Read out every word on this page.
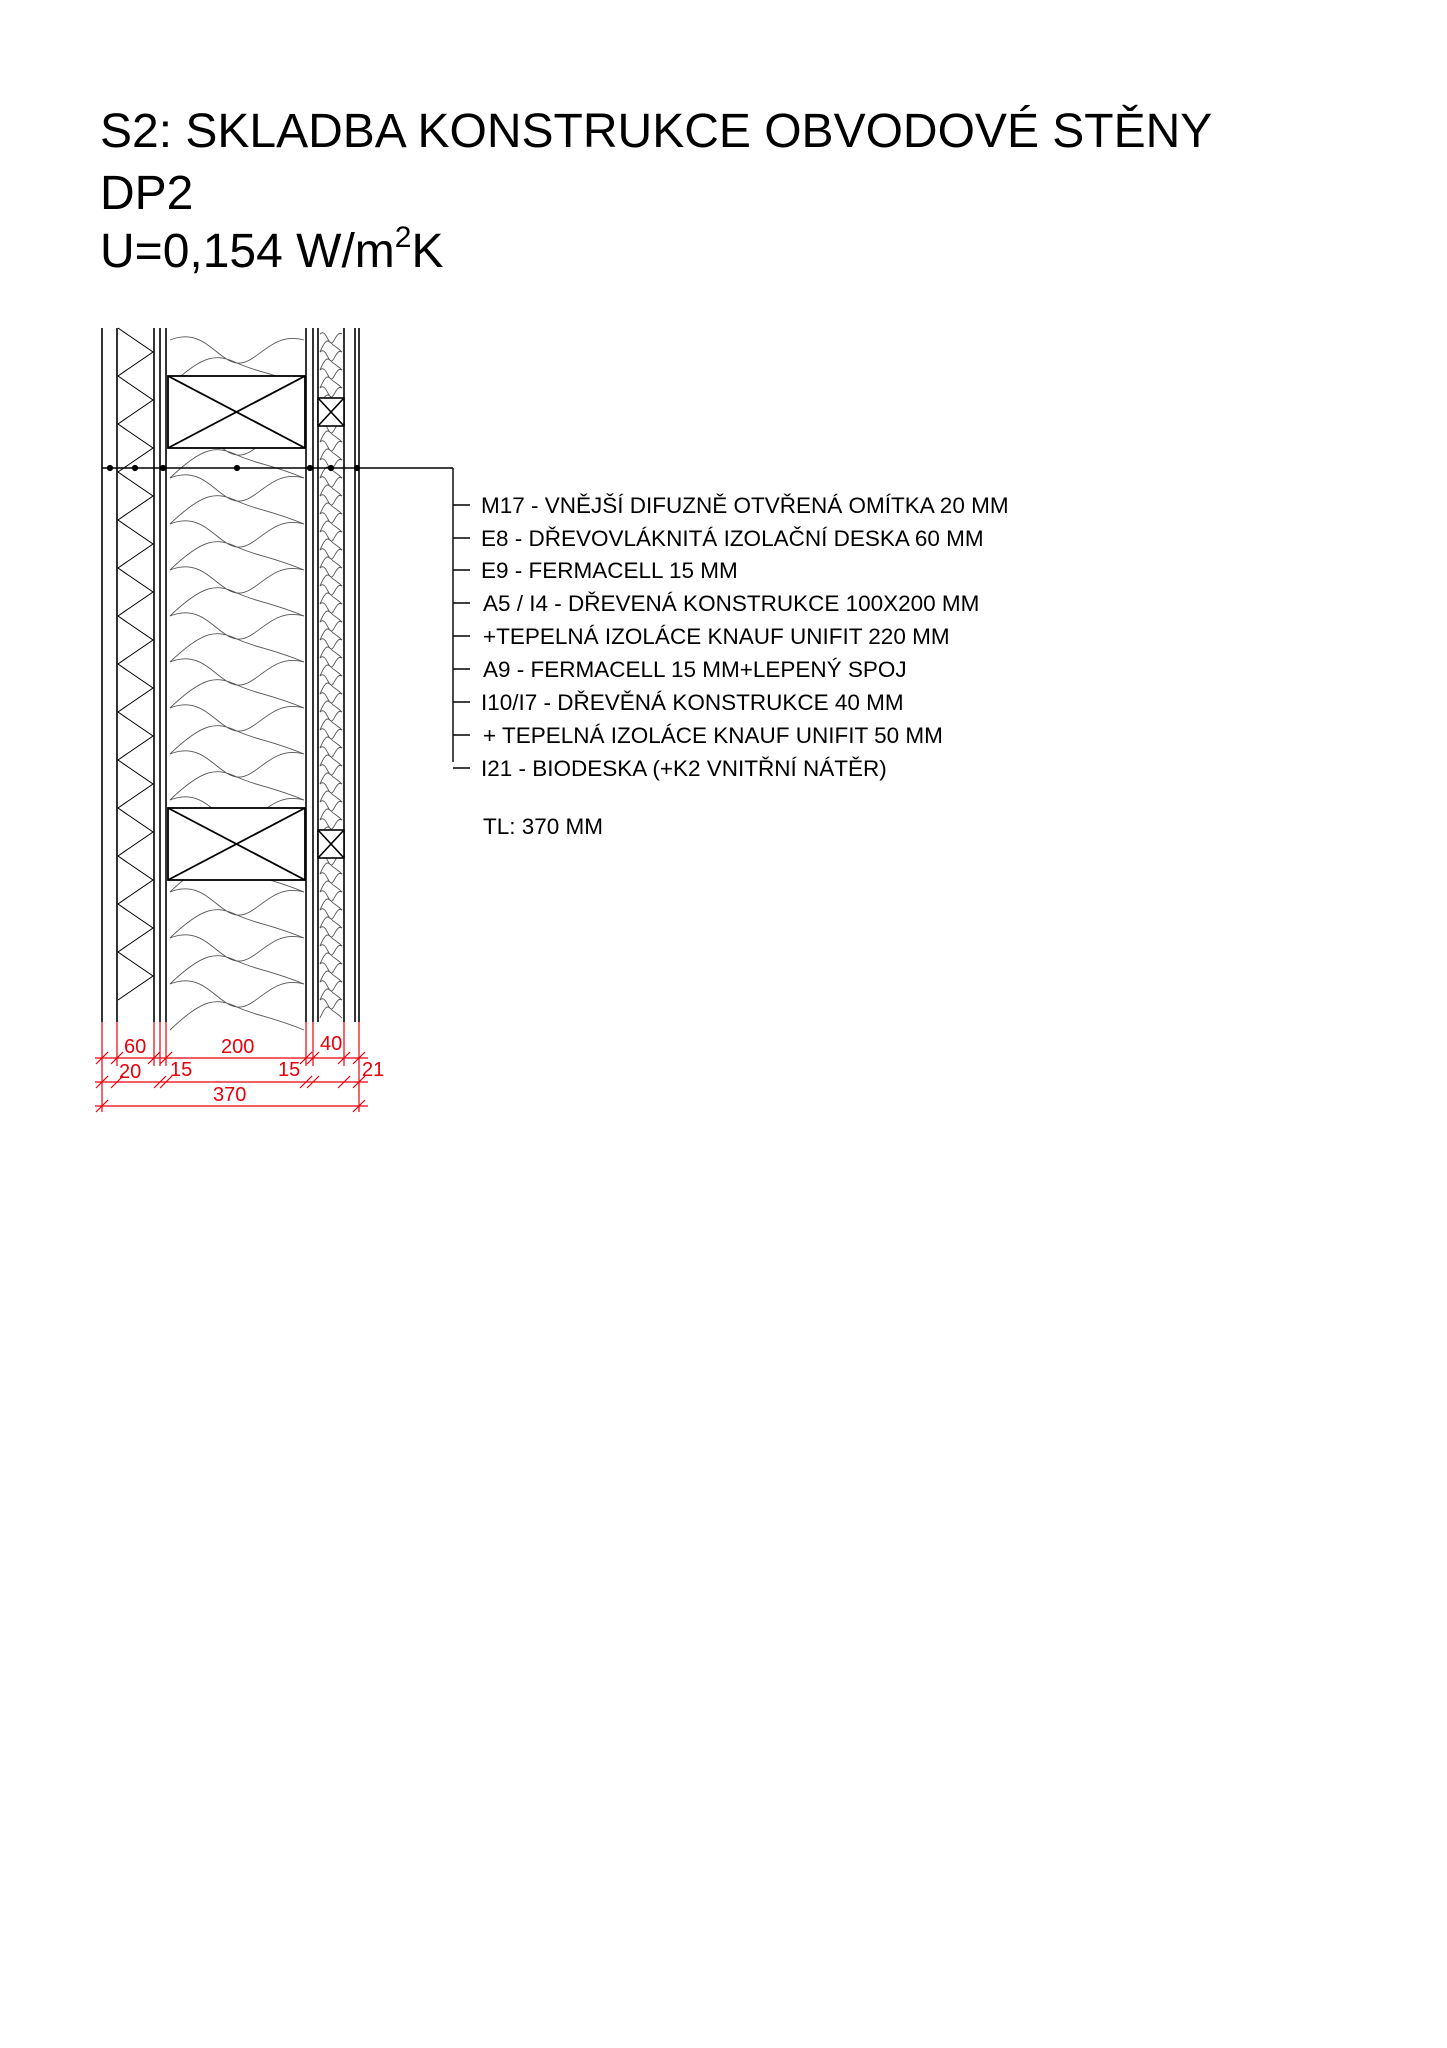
S2: SKLADBA KONSTRUKCE OBVODOVÉ STĚNY
DP2
U=0,154 $W/m^2K$
M17 - VNĚJŠÍ DIFUZNĚ OTVŘENÁ OMÍTKA 20 MM
E8 - DŘEVOVLÁKNITÁ IZOLAČNÍ DESKA 60 MM
E9 - FERMACELL 15 MM
A5 / I4 - DŘEVENÁ KONSTRUKCE 100X200 MM
+TEPELNÁ IZOLÁCE KNAUF UNIFIT 220 MM
A9 - FERMACELL 15 MM+LEPENÝ SPOJ
I10/I7 - DŘEVĚNÁ KONSTRUKCE 40 MM
+ TEPELNÁ IZOLÁCE KNAUF UNIFIT 50 MM
I21 - BIODESKA (+K2 VNITŘNÍ NÁTĚR)
TL: 370 MM
60	200	40
20 15	15	21
370
